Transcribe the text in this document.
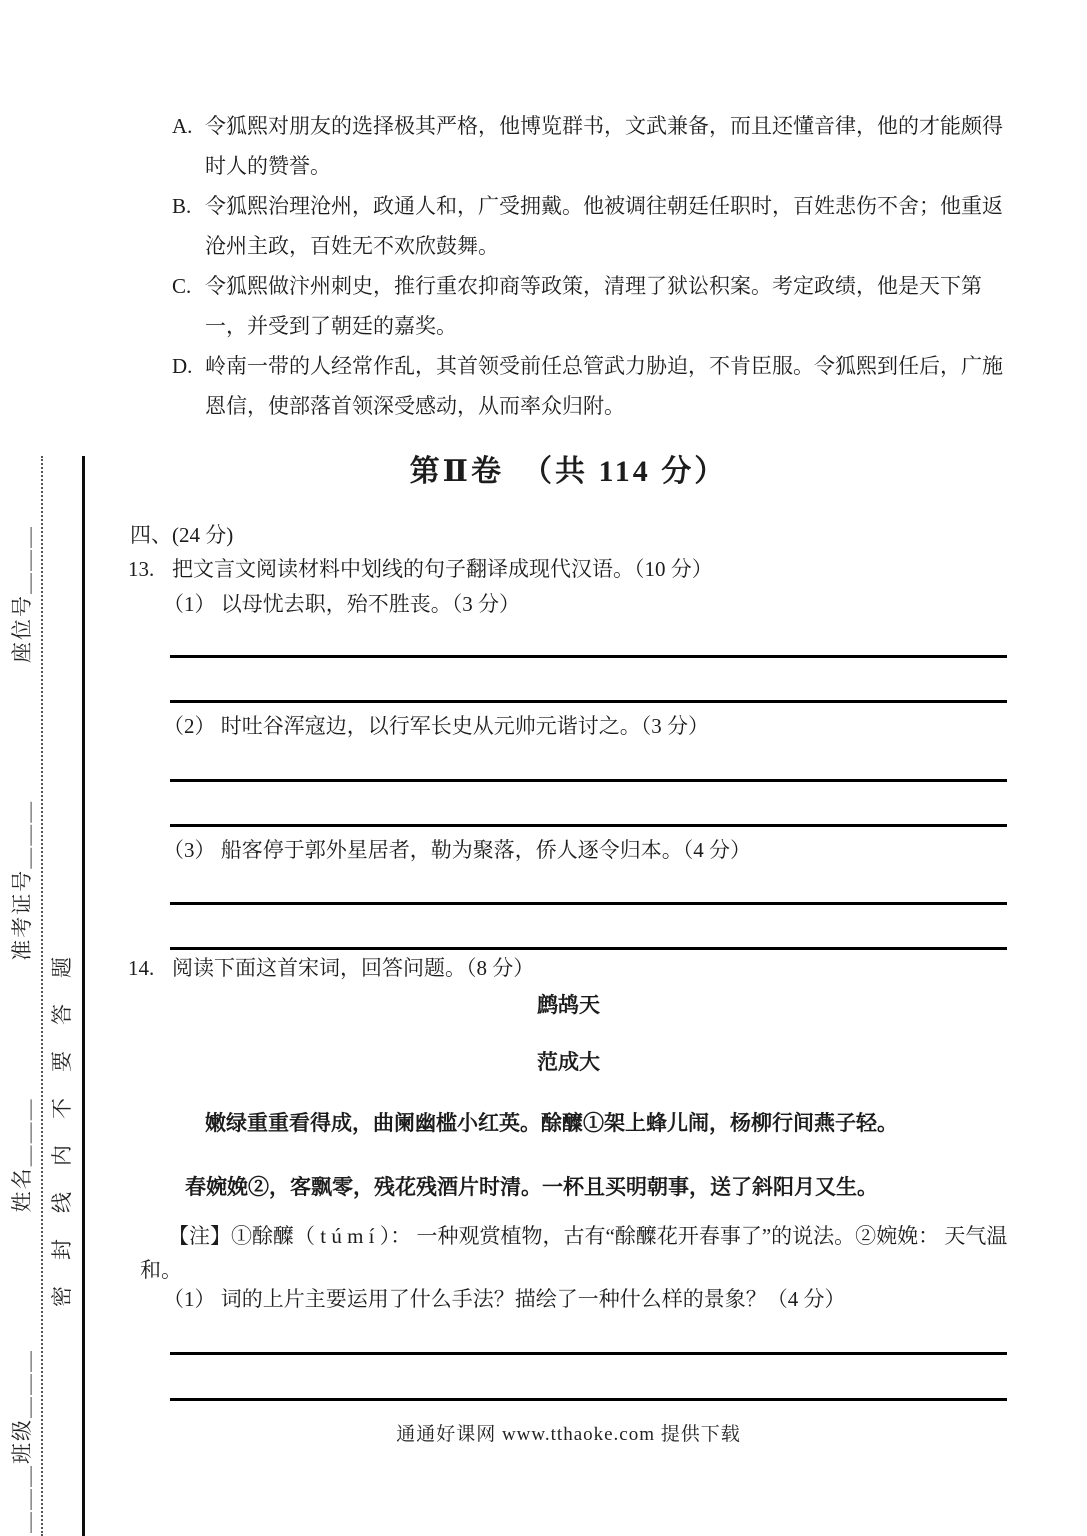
＿＿＿班级＿＿＿
姓名＿＿＿
准考证号＿＿＿
座位号＿＿＿
密封线内不要答题
A. 令狐熙对朋友的选择极其严格，他博览群书，文武兼备，而且还懂音律，他的才能颇得时人的赞誉。
B. 令狐熙治理沧州，政通人和，广受拥戴。他被调往朝廷任职时，百姓悲伤不舍；他重返沧州主政，百姓无不欢欣鼓舞。
C. 令狐熙做汴州刺史，推行重农抑商等政策，清理了狱讼积案。考定政绩，他是天下第一，并受到了朝廷的嘉奖。
D. 岭南一带的人经常作乱，其首领受前任总管武力胁迫，不肯臣服。令狐熙到任后，广施恩信，使部落首领深受感动，从而率众归附。
第Ⅱ卷　（共 114 分）
四、(24 分)
13. 把文言文阅读材料中划线的句子翻译成现代汉语。（10 分）
（1） 以母忧去职，殆不胜丧。（3 分）
（2） 时吐谷浑寇边，以行军长史从元帅元谐讨之。（3 分）
（3） 船客停于郭外星居者，勒为聚落，侨人逐令归本。（4 分）
14. 阅读下面这首宋词，回答问题。（8 分）
鹧鸪天
范成大
嫩绿重重看得成，曲阑幽槛小红英。酴醾①架上蜂儿闹，杨柳行间燕子轻。
春婉娩②，客飘零，残花残酒片时清。一杯且买明朝事，送了斜阳月又生。
【注】①酴醾（ t ú m í ）： 一种观赏植物，古有“酴醾花开春事了”的说法。②婉娩： 天气温和。
（1） 词的上片主要运用了什么手法？描绘了一种什么样的景象？（4 分）
通通好课网 www.tthaoke.com 提供下载
